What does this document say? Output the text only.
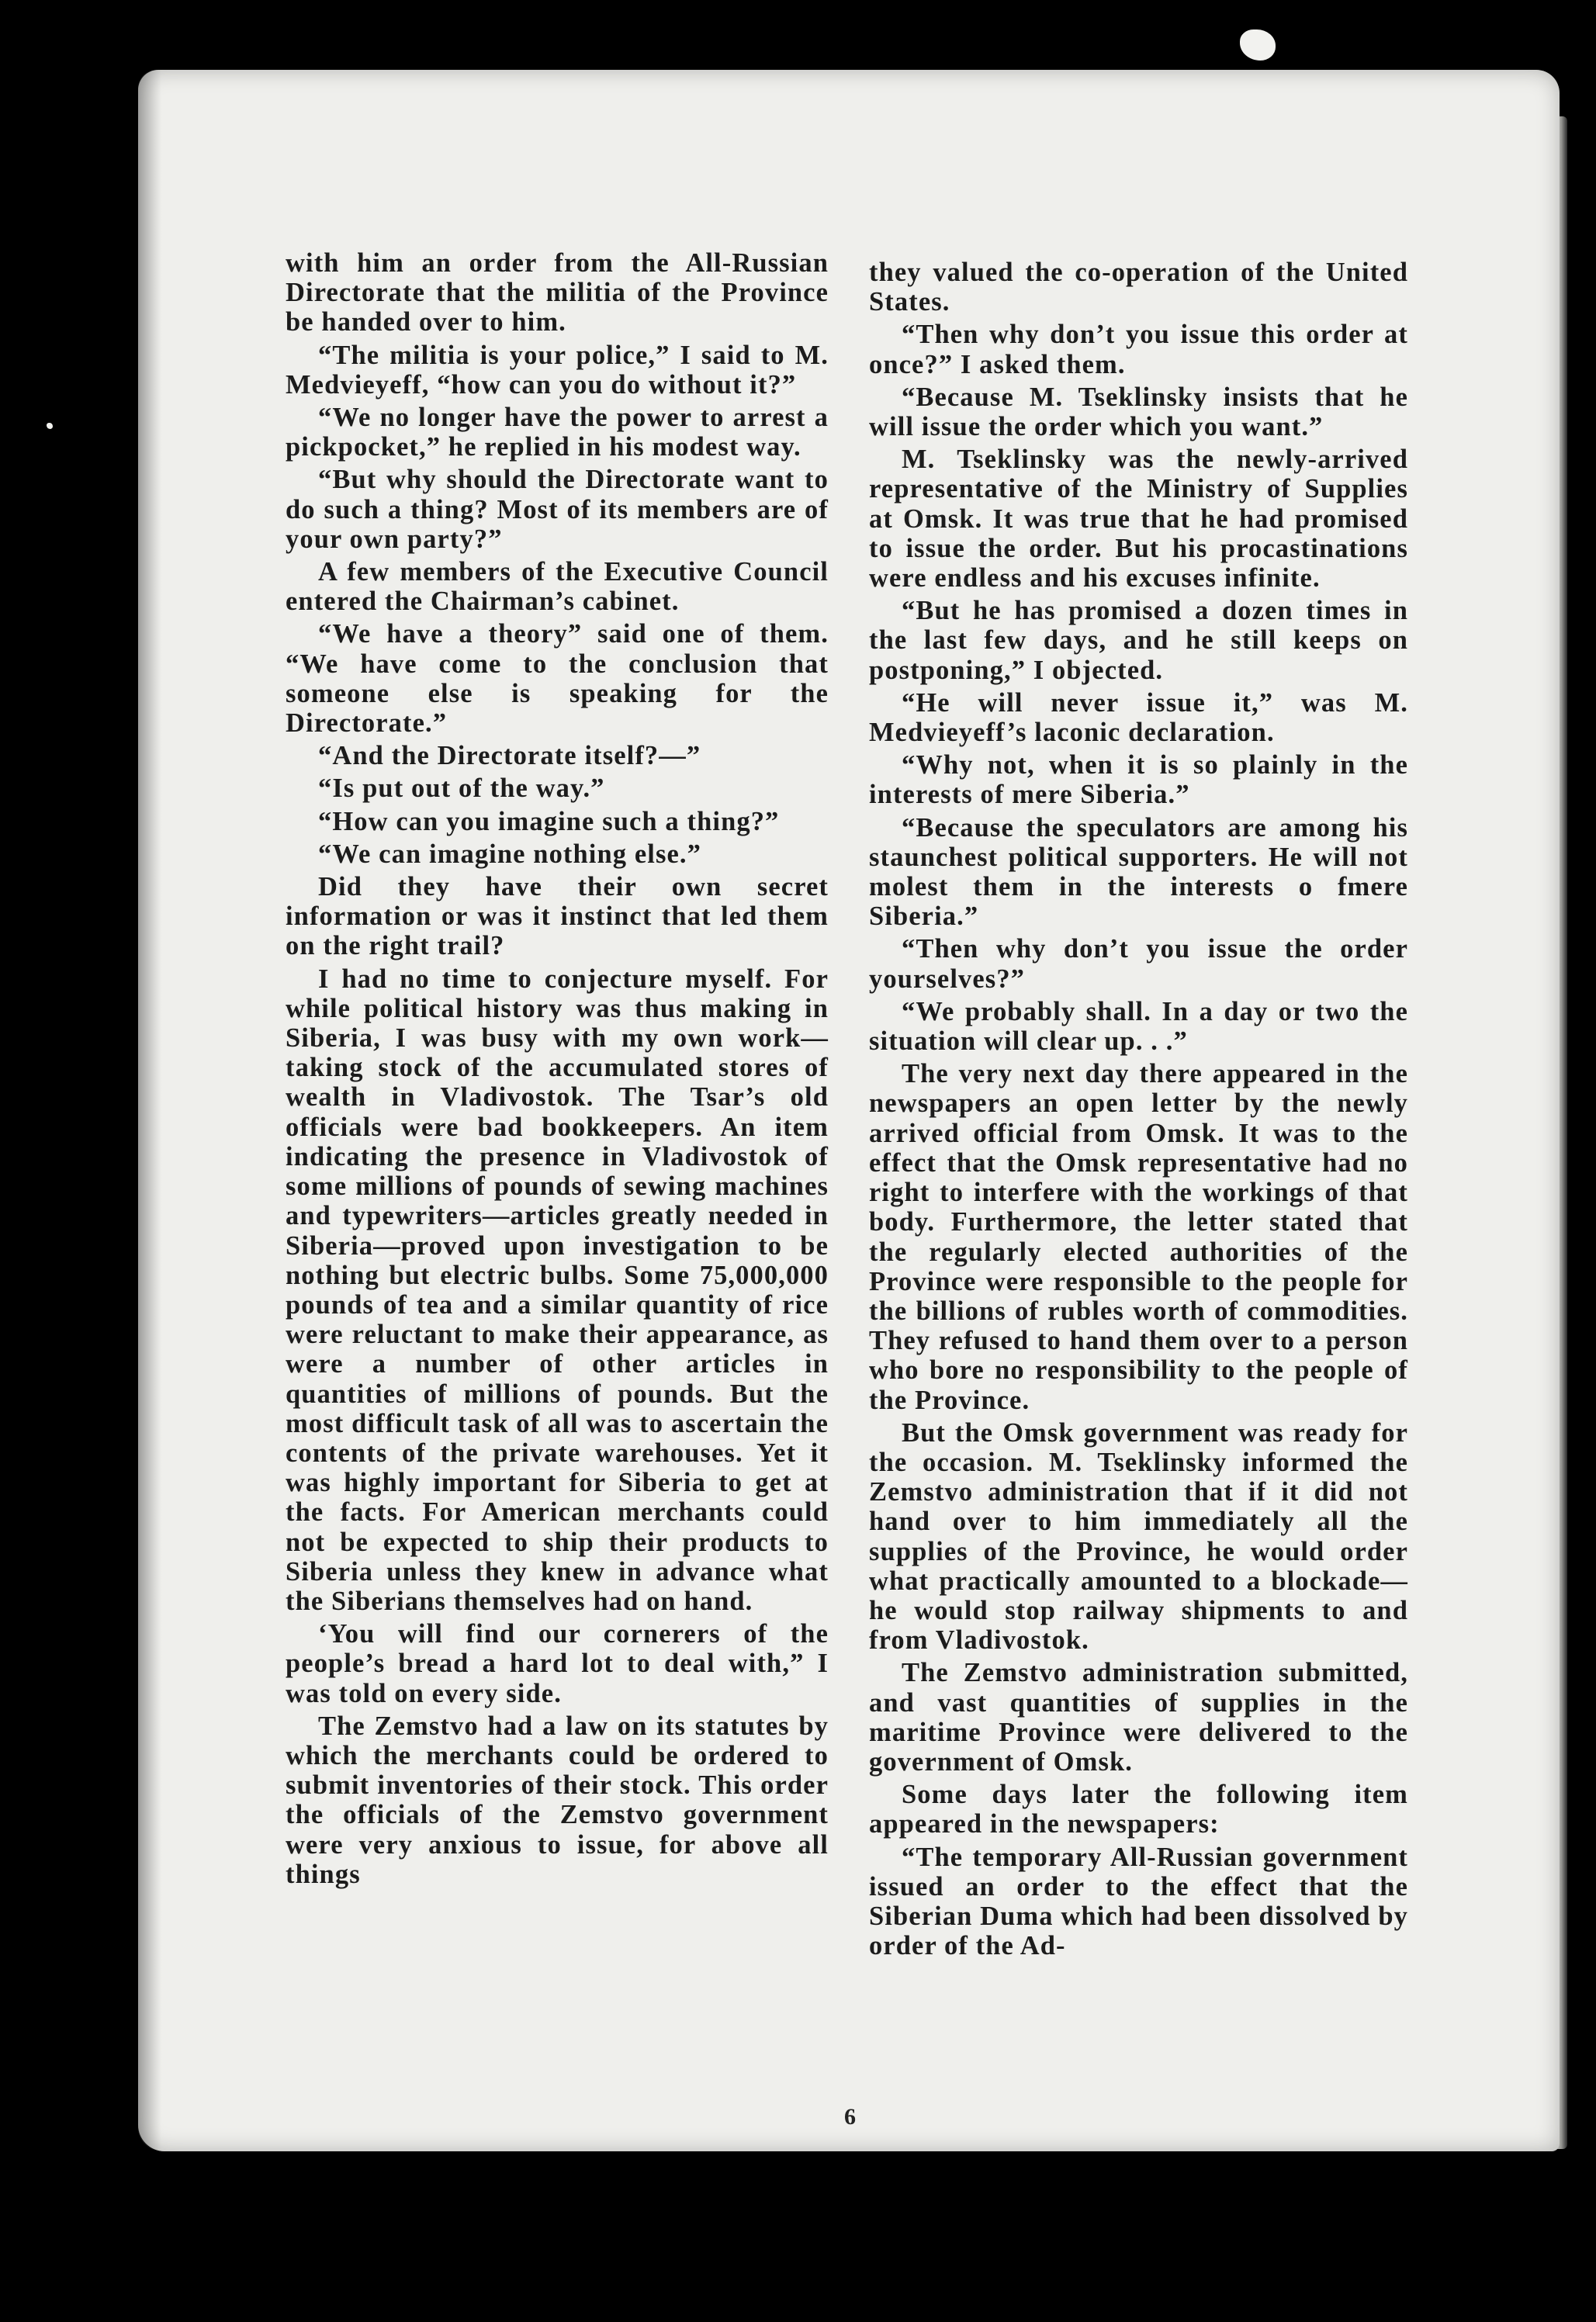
with him an order from the All-Russian Directorate that the militia of the Province be handed over to him.

“The militia is your police,” I said to M. Medvieyeff, “how can you do without it?”

“We no longer have the power to arrest a pickpocket,” he replied in his modest way.

“But why should the Directorate want to do such a thing? Most of its members are of your own party?”

A few members of the Executive Council entered the Chairman’s cabinet.

“We have a theory” said one of them. “We have come to the conclusion that someone else is speaking for the Directorate.”

“And the Directorate itself?—”

“Is put out of the way.”

“How can you imagine such a thing?”

“We can imagine nothing else.”

Did they have their own secret information or was it instinct that led them on the right trail?

I had no time to conjecture myself. For while political history was thus making in Siberia, I was busy with my own work—taking stock of the accumulated stores of wealth in Vladivostok. The Tsar’s old officials were bad bookkeepers. An item indicating the presence in Vladivostok of some millions of pounds of sewing machines and typewriters—articles greatly needed in Siberia—proved upon investigation to be nothing but electric bulbs. Some 75,000,000 pounds of tea and a similar quantity of rice were reluctant to make their appearance, as were a number of other articles in quantities of millions of pounds. But the most difficult task of all was to ascertain the contents of the private warehouses. Yet it was highly important for Siberia to get at the facts. For American merchants could not be expected to ship their products to Siberia unless they knew in advance what the Siberians themselves had on hand.

‘You will find our cornerers of the people’s bread a hard lot to deal with,” I was told on every side.

The Zemstvo had a law on its statutes by which the merchants could be ordered to submit inventories of their stock. This order the officials of the Zemstvo government were very anxious to issue, for above all things

they valued the co-operation of the United States.

“Then why don’t you issue this order at once?” I asked them.

“Because M. Tseklinsky insists that he will issue the order which you want.”

M. Tseklinsky was the newly-arrived representative of the Ministry of Supplies at Omsk. It was true that he had promised to issue the order. But his procastinations were endless and his excuses infinite.

“But he has promised a dozen times in the last few days, and he still keeps on postponing,” I objected.

“He will never issue it,” was M. Medvieyeff’s laconic declaration.

“Why not, when it is so plainly in the interests of mere Siberia.”

“Because the speculators are among his staunchest political supporters. He will not molest them in the interests o fmere Siberia.”

“Then why don’t you issue the order yourselves?”

“We probably shall. In a day or two the situation will clear up. . .”

The very next day there appeared in the newspapers an open letter by the newly arrived official from Omsk. It was to the effect that the Omsk representative had no right to interfere with the workings of that body. Furthermore, the letter stated that the regularly elected authorities of the Province were responsible to the people for the billions of rubles worth of commodities. They refused to hand them over to a person who bore no responsibility to the people of the Province.

But the Omsk government was ready for the occasion. M. Tseklinsky informed the Zemstvo administration that if it did not hand over to him immediately all the supplies of the Province, he would order what practically amounted to a blockade—he would stop railway shipments to and from Vladivostok.

The Zemstvo administration submitted, and vast quantities of supplies in the maritime Province were delivered to the government of Omsk.

Some days later the following item appeared in the newspapers:

“The temporary All-Russian government issued an order to the effect that the Siberian Duma which had been dissolved by order of the Ad-

6
